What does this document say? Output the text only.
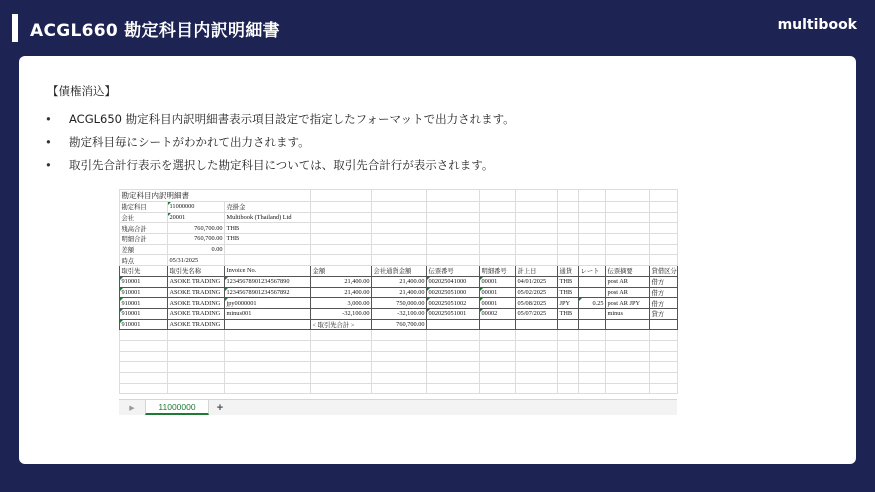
ACGL660 勘定科目内訳明細書	multibook
【債権消込】
• ACGL650 勘定科目内訳明細書表示項目設定で指定したフォーマットで出力されます。
• 勘定科目毎にシートがわかれて出力されます。
• 取引先合計行表示を選択した勘定科目については、取引先合計行が表示されます。
勘定科目内訳明細書											
勘定科目	11000000	売掛金									
会社	20001	Multibook (Thailand) Ltd									
残高合計	760,700.00	THB									
明細合計	760,700.00	THB									
差額	0.00										
時点	05/31/2025										
取引先	取引先名称	Invoice No.	金額	会社通貨金額	伝票番号	明細番号	計上日	通貨	レート	伝票摘要	貸借区分
910001	ASOKE TRADING	12345678901234567890	21,400.00	21,400.00	002025041000	00001	04/01/2025	THB		post AR	借方
910001	ASOKE TRADING	12345678901234567892	21,400.00	21,400.00	002025051000	00001	05/02/2025	THB		post AR	借方
910001	ASOKE TRADING	jpy0000001	3,000.00	750,000.00	002025051002	00001	05/08/2025	JPY	0.25	post AR JPY	借方
910001	ASOKE TRADING	minus001	-32,100.00	-32,100.00	002025051001	00002	05/07/2025	THB		minus	貸方
910001	ASOKE TRADING		< 取引先合計 >	760,700.00							

▶	11000000	+
